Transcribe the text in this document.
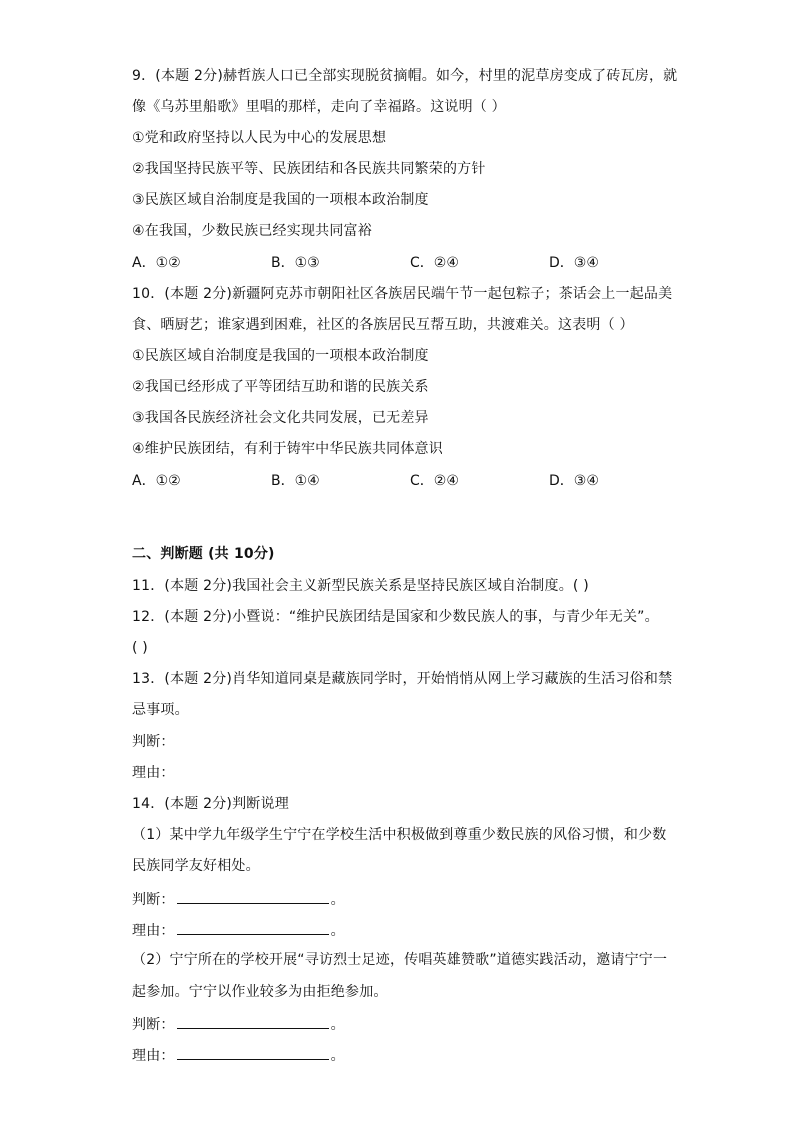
9．(本题 2分)赫哲族人口已全部实现脱贫摘帽。如今，村里的泥草房变成了砖瓦房，就
像《乌苏里船歌》里唱的那样，走向了幸福路。这说明（ ）
①党和政府坚持以人民为中心的发展思想
②我国坚持民族平等、民族团结和各民族共同繁荣的方针
③民族区域自治制度是我国的一项根本政治制度
④在我国，少数民族已经实现共同富裕
A．①②	B．①③	C．②④	D．③④
10．(本题 2分)新疆阿克苏市朝阳社区各族居民端午节一起包粽子；茶话会上一起品美
食、晒厨艺；谁家遇到困难，社区的各族居民互帮互助，共渡难关。这表明（ ）
①民族区域自治制度是我国的一项根本政治制度
②我国已经形成了平等团结互助和谐的民族关系
③我国各民族经济社会文化共同发展，已无差异
④维护民族团结，有利于铸牢中华民族共同体意识
A．①②	B．①④	C．②④	D．③④
二、判断题 (共 10分)
11．(本题 2分)我国社会主义新型民族关系是坚持民族区域自治制度。( )
12．(本题 2分)小暨说：“维护民族团结是国家和少数民族人的事，与青少年无关”。
( )
13．(本题 2分)肖华知道同桌是藏族同学时，开始悄悄从网上学习藏族的生活习俗和禁
忌事项。
判断：
理由：
14．(本题 2分)判断说理
（1）某中学九年级学生宁宁在学校生活中积极做到尊重少数民族的风俗习惯，和少数
民族同学友好相处。
判断：	。
理由：	。
（2）宁宁所在的学校开展“寻访烈士足迹，传唱英雄赞歌”道德实践活动，邀请宁宁一
起参加。宁宁以作业较多为由拒绝参加。
判断：	。
理由：	。
